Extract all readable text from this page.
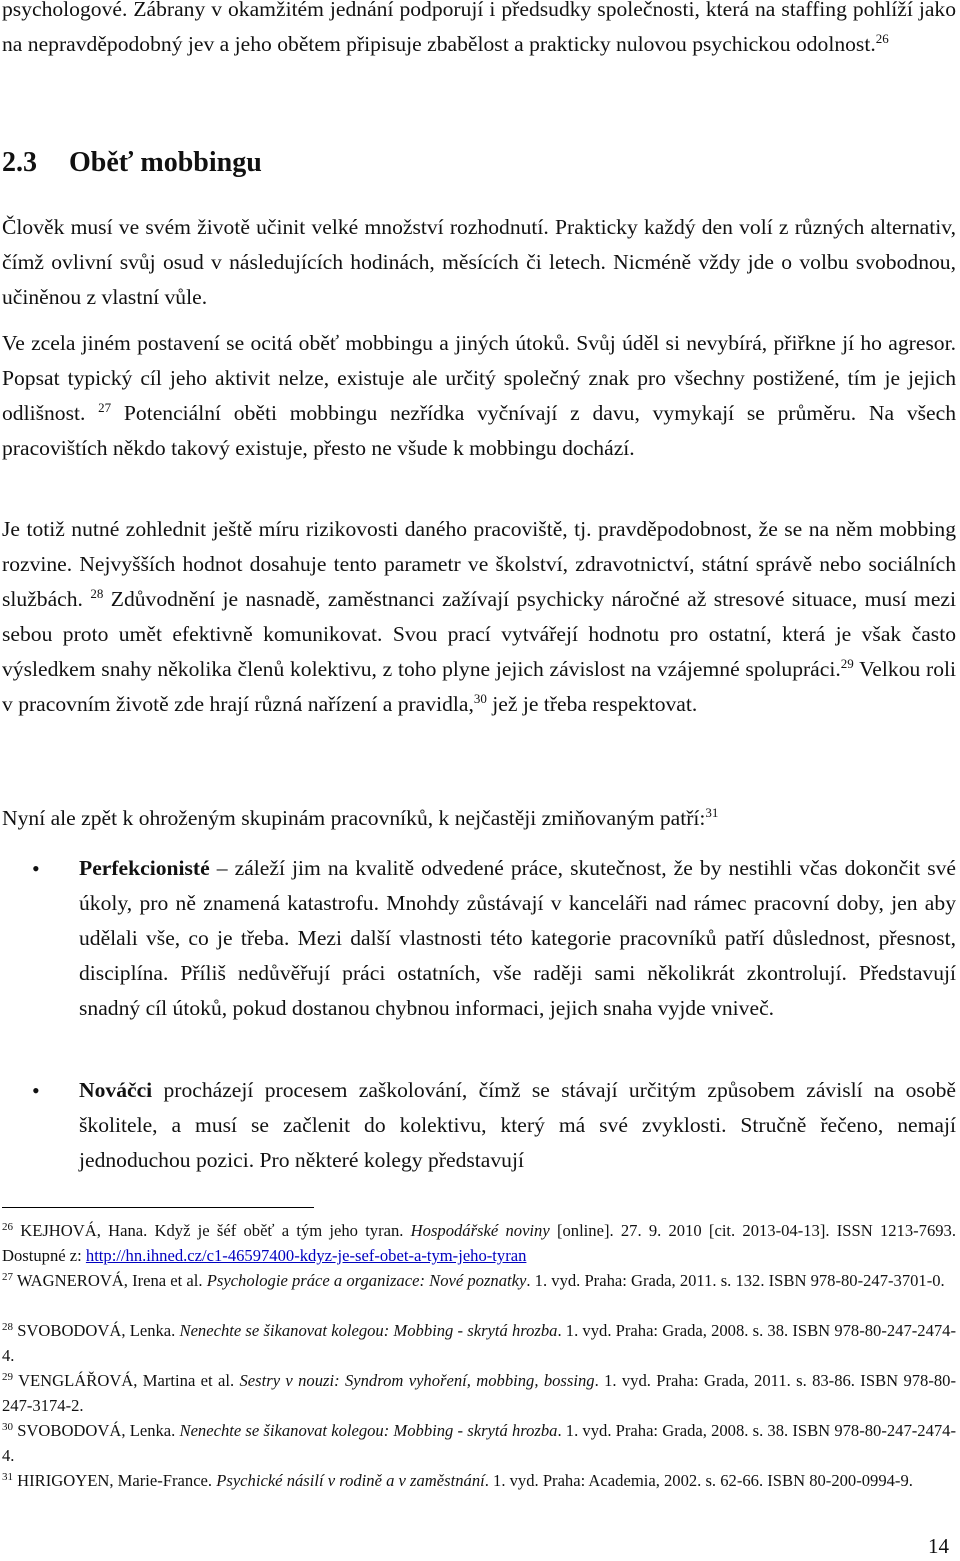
psychologové. Zábrany v okamžitém jednání podporují i předsudky společnosti, která na staffing pohlíží jako na nepravděpodobný jev a jeho obětem připisuje zbabělost a prakticky nulovou psychickou odolnost.$^{26}$

2.3 Oběť mobbingu

Člověk musí ve svém životě učinit velké množství rozhodnutí. Prakticky každý den volí z různých alternativ, čímž ovlivní svůj osud v následujících hodinách, měsících či letech. Nicméně vždy jde o volbu svobodnou, učiněnou z vlastní vůle.

Ve zcela jiném postavení se ocitá oběť mobbingu a jiných útoků. Svůj úděl si nevybírá, přiřkne jí ho agresor. Popsat typický cíl jeho aktivit nelze, existuje ale určitý společný znak pro všechny postižené, tím je jejich odlišnost. $^{27}$ Potenciální oběti mobbingu nezřídka vyčnívají z davu, vymykají se průměru. Na všech pracovištích někdo takový existuje, přesto ne všude k mobbingu dochází.

Je totiž nutné zohlednit ještě míru rizikovosti daného pracoviště, tj. pravděpodobnost, že se na něm mobbing rozvine. Nejvyšších hodnot dosahuje tento parametr ve školství, zdravotnictví, státní správě nebo sociálních službách. $^{28}$ Zdůvodnění je nasnadě, zaměstnanci zažívají psychicky náročné až stresové situace, musí mezi sebou proto umět efektivně komunikovat. Svou prací vytvářejí hodnotu pro ostatní, která je však často výsledkem snahy několika členů kolektivu, z toho plyne jejich závislost na vzájemné spolupráci.$^{29}$ Velkou roli v pracovním životě zde hrají různá nařízení a pravidla,$^{30}$ jež je třeba respektovat.

Nyní ale zpět k ohroženým skupinám pracovníků, k nejčastěji zmiňovaným patří:$^{31}$

• Perfekcionisté – záleží jim na kvalitě odvedené práce, skutečnost, že by nestihli včas dokončit své úkoly, pro ně znamená katastrofu. Mnohdy zůstávají v kanceláři nad rámec pracovní doby, jen aby udělali vše, co je třeba. Mezi další vlastnosti této kategorie pracovníků patří důslednost, přesnost, disciplína. Příliš nedůvěřují práci ostatních, vše raději sami několikrát zkontrolují. Představují snadný cíl útoků, pokud dostanou chybnou informaci, jejich snaha vyjde vniveč.
• Nováčci procházejí procesem zaškolování, čímž se stávají určitým způsobem závislí na osobě školitele, a musí se začlenit do kolektivu, který má své zvyklosti. Stručně řečeno, nemají jednoduchou pozici. Pro některé kolegy představují

$^{26}$ KEJHOVÁ, Hana. Když je šéf oběť a tým jeho tyran. Hospodářské noviny [online]. 27. 9. 2010 [cit. 2013-04-13]. ISSN 1213-7693. Dostupné z: http://hn.ihned.cz/c1-46597400-kdyz-je-sef-obet-a-tym-jeho-tyran

$^{27}$ WAGNEROVÁ, Irena et al. Psychologie práce a organizace: Nové poznatky. 1. vyd. Praha: Grada, 2011. s. 132. ISBN 978-80-247-3701-0.

$^{28}$ SVOBODOVÁ, Lenka. Nenechte se šikanovat kolegou: Mobbing - skrytá hrozba. 1. vyd. Praha: Grada, 2008. s. 38. ISBN 978-80-247-2474-4.

$^{29}$ VENGLÁŘOVÁ, Martina et al. Sestry v nouzi: Syndrom vyhoření, mobbing, bossing. 1. vyd. Praha: Grada, 2011. s. 83-86. ISBN 978-80-247-3174-2.

$^{30}$ SVOBODOVÁ, Lenka. Nenechte se šikanovat kolegou: Mobbing - skrytá hrozba. 1. vyd. Praha: Grada, 2008. s. 38. ISBN 978-80-247-2474-4.

$^{31}$ HIRIGOYEN, Marie-France. Psychické násilí v rodině a v zaměstnání. 1. vyd. Praha: Academia, 2002. s. 62-66. ISBN 80-200-0994-9.

14
